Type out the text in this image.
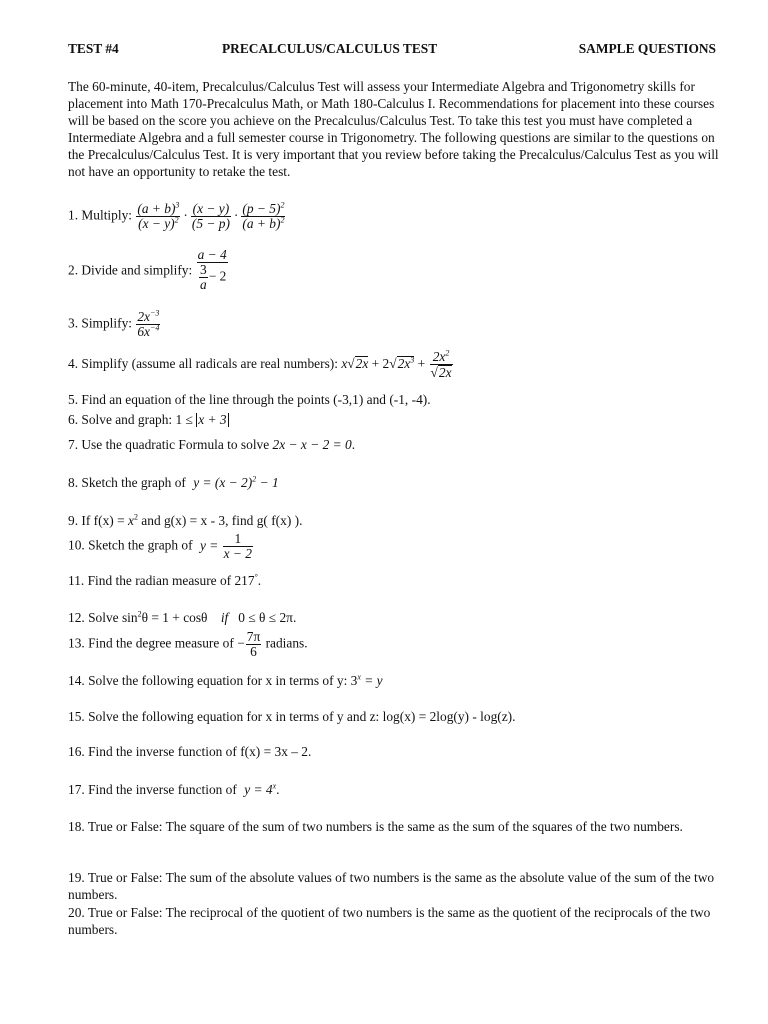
TEST #4	PRECALCULUS/CALCULUS TEST	SAMPLE QUESTIONS
The 60-minute, 40-item, Precalculus/Calculus Test will assess your Intermediate Algebra and Trigonometry skills for placement into Math 170-Precalculus Math, or Math 180-Calculus I. Recommendations for placement into these courses will be based on the score you achieve on the Precalculus/Calculus Test. To take this test you must have completed a Intermediate Algebra and a full semester course in Trigonometry. The following questions are similar to the questions on the Precalculus/Calculus Test. It is very important that you review before taking the Precalculus/Calculus Test as you will not have an opportunity to retake the test.
1. Multiply: $\frac{(a + b)^3}{(x - y)^2} \cdot \frac{(x - y)}{(5 - p)} \cdot \frac{(p - 5)^2}{(a + b)^2}$
2. Divide and simplify: $\frac{a - 4}{\frac{3}{a} - 2}$
3. Simplify: $\frac{2x^{-3}}{6x^{-4}}$
4. Simplify (assume all radicals are real numbers): $x√2x + 2√2x^3 + \frac{2x^2}{√2x}$
5. Find an equation of the line through the points (-3,1) and (-1, -4).
6. Solve and graph: 1 ≤ x + 3
7. Use the quadratic Formula to solve 2x − x − 2 = 0.
8. Sketch the graph of $y = (x - 2)^2 - 1$
9. If $f(x) = x^2$ and g(x) = x - 3, find g( f(x) ).
10. Sketch the graph of $y = \frac{1}{x - 2}$
11. Find the radian measure of 217°.
12. Solve $\sin^2\theta = 1 + \cos\theta$ if 0 ≤ θ ≤ 2π.
13. Find the degree measure of − $\frac{7\pi}{6}$ radians.
14. Solve the following equation for x in terms of y: $3^x = y$
15. Solve the following equation for x in terms of y and z: log(x) = 2log(y) - log(z).
16. Find the inverse function of f(x) = 3x – 2.
17. Find the inverse function of $y = 4^x$.
18. True or False: The square of the sum of two numbers is the same as the sum of the squares of the two numbers.
19. True or False: The sum of the absolute values of two numbers is the same as the absolute value of the sum of the two numbers.
20. True or False: The reciprocal of the quotient of two numbers is the same as the quotient of the reciprocals of the two numbers.
